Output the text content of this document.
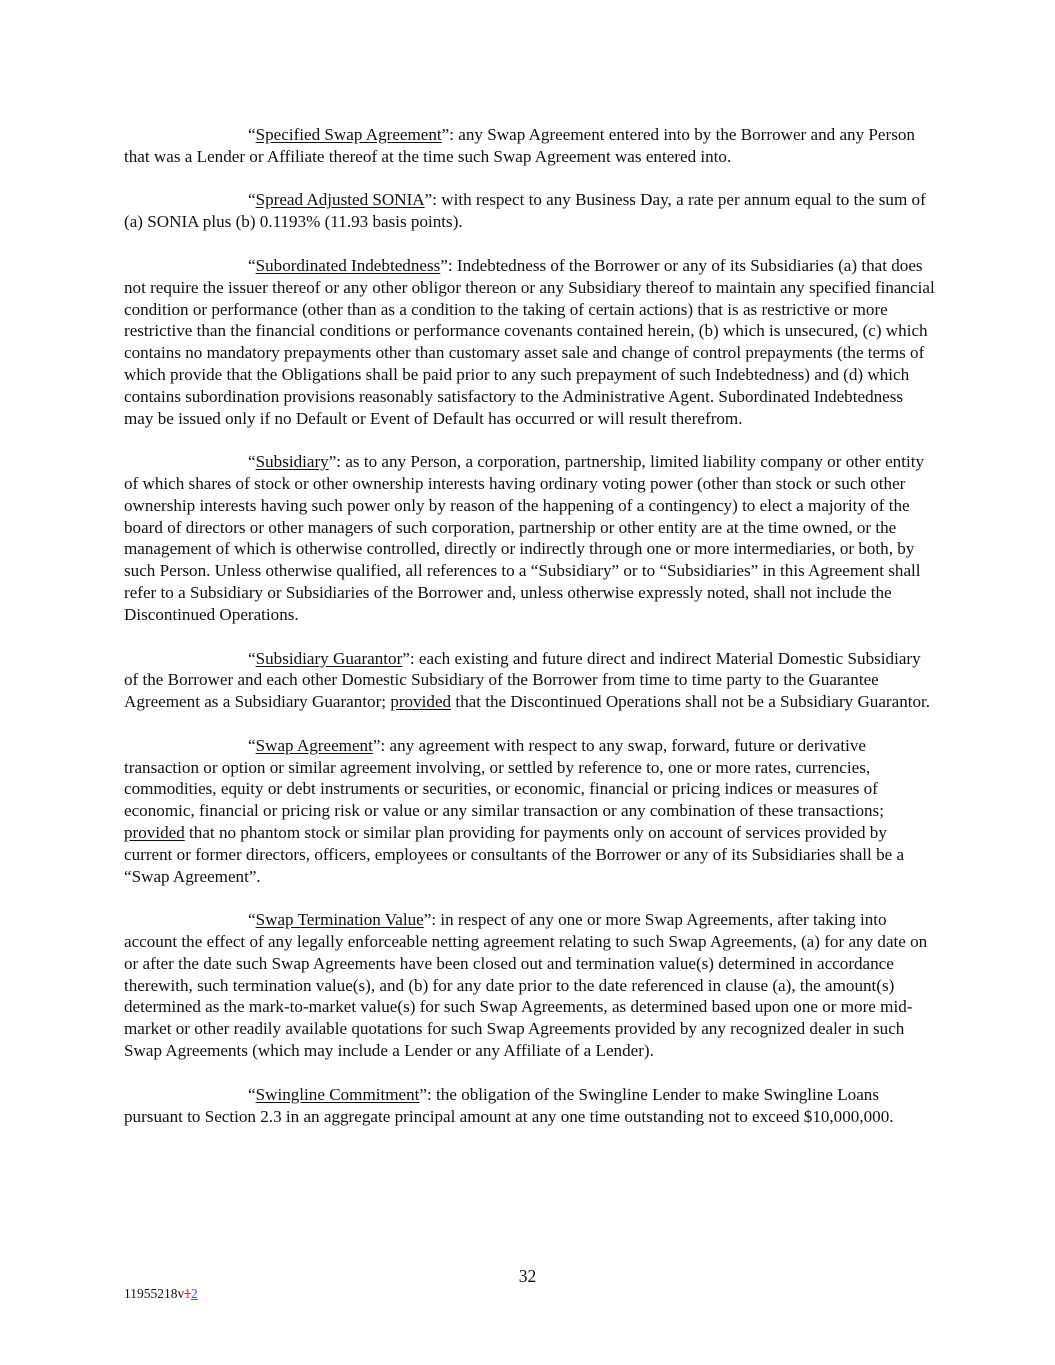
“Specified Swap Agreement”: any Swap Agreement entered into by the Borrower and any Person that was a Lender or Affiliate thereof at the time such Swap Agreement was entered into.

“Spread Adjusted SONIA”: with respect to any Business Day, a rate per annum equal to the sum of (a) SONIA plus (b) 0.1193% (11.93 basis points).

“Subordinated Indebtedness”: Indebtedness of the Borrower or any of its Subsidiaries (a) that does not require the issuer thereof or any other obligor thereon or any Subsidiary thereof to maintain any specified financial condition or performance (other than as a condition to the taking of certain actions) that is as restrictive or more restrictive than the financial conditions or performance covenants contained herein, (b) which is unsecured, (c) which contains no mandatory prepayments other than customary asset sale and change of control prepayments (the terms of which provide that the Obligations shall be paid prior to any such prepayment of such Indebtedness) and (d) which contains subordination provisions reasonably satisfactory to the Administrative Agent. Subordinated Indebtedness may be issued only if no Default or Event of Default has occurred or will result therefrom.

“Subsidiary”: as to any Person, a corporation, partnership, limited liability company or other entity of which shares of stock or other ownership interests having ordinary voting power (other than stock or such other ownership interests having such power only by reason of the happening of a contingency) to elect a majority of the board of directors or other managers of such corporation, partnership or other entity are at the time owned, or the management of which is otherwise controlled, directly or indirectly through one or more intermediaries, or both, by such Person. Unless otherwise qualified, all references to a “Subsidiary” or to “Subsidiaries” in this Agreement shall refer to a Subsidiary or Subsidiaries of the Borrower and, unless otherwise expressly noted, shall not include the Discontinued Operations.

“Subsidiary Guarantor”: each existing and future direct and indirect Material Domestic Subsidiary of the Borrower and each other Domestic Subsidiary of the Borrower from time to time party to the Guarantee Agreement as a Subsidiary Guarantor; provided that the Discontinued Operations shall not be a Subsidiary Guarantor.

“Swap Agreement”: any agreement with respect to any swap, forward, future or derivative transaction or option or similar agreement involving, or settled by reference to, one or more rates, currencies, commodities, equity or debt instruments or securities, or economic, financial or pricing indices or measures of economic, financial or pricing risk or value or any similar transaction or any combination of these transactions; provided that no phantom stock or similar plan providing for payments only on account of services provided by current or former directors, officers, employees or consultants of the Borrower or any of its Subsidiaries shall be a “Swap Agreement”.

“Swap Termination Value”: in respect of any one or more Swap Agreements, after taking into account the effect of any legally enforceable netting agreement relating to such Swap Agreements, (a) for any date on or after the date such Swap Agreements have been closed out and termination value(s) determined in accordance therewith, such termination value(s), and (b) for any date prior to the date referenced in clause (a), the amount(s) determined as the mark-to-market value(s) for such Swap Agreements, as determined based upon one or more mid-market or other readily available quotations for such Swap Agreements provided by any recognized dealer in such Swap Agreements (which may include a Lender or any Affiliate of a Lender).

“Swingline Commitment”: the obligation of the Swingline Lender to make Swingline Loans pursuant to Section 2.3 in an aggregate principal amount at any one time outstanding not to exceed $10,000,000.

32
11955218v12
